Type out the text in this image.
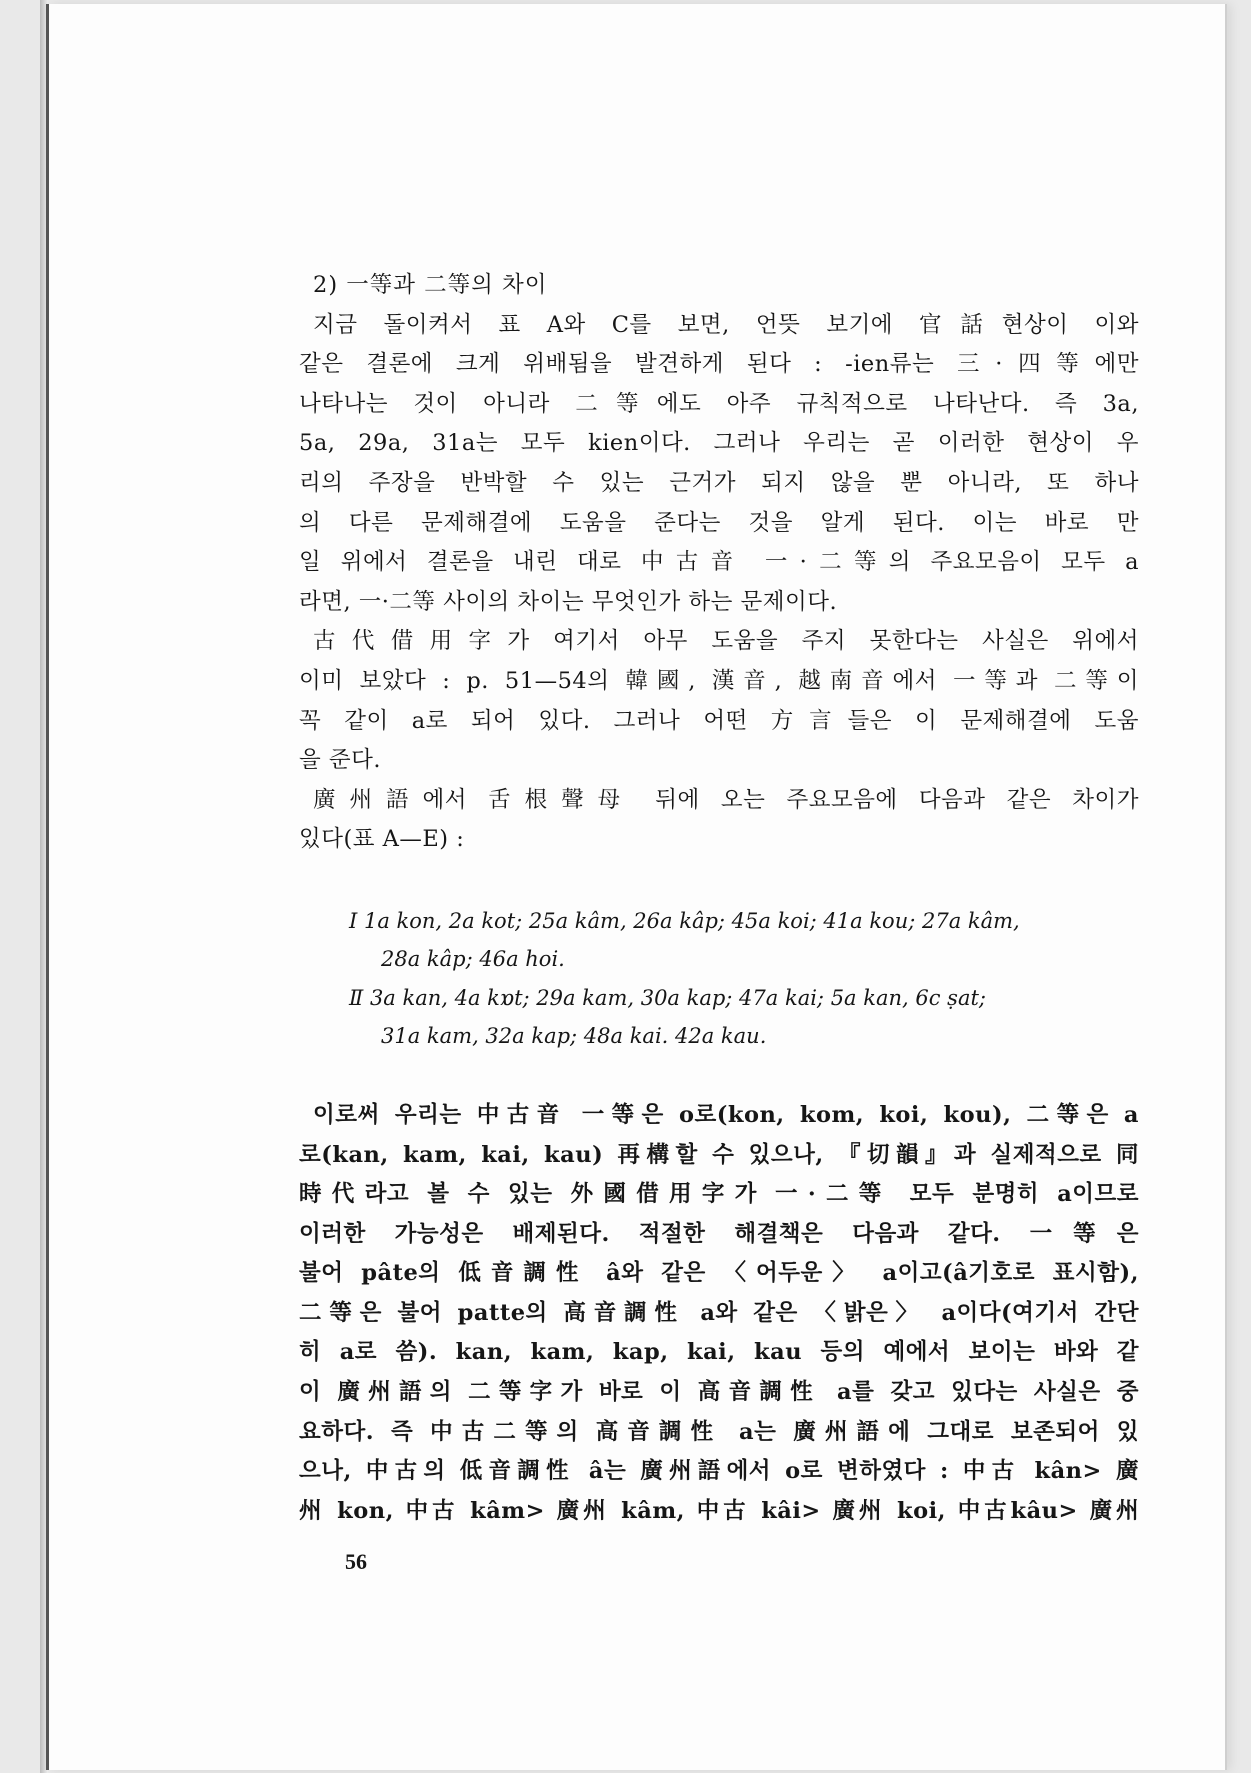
2) 一等과 二等의 차이
지금 돌이켜서 표 A와 C를 보면, 언뜻 보기에 官話현상이 이와
같은 결론에 크게 위배됨을 발견하게 된다 : -ien류는 三·四等에만
나타나는 것이 아니라 二等에도 아주 규칙적으로 나타난다. 즉 3a,
5a, 29a, 31a는 모두 kien이다. 그러나 우리는 곧 이러한 현상이 우
리의 주장을 반박할 수 있는 근거가 되지 않을 뿐 아니라, 또 하나
의 다른 문제해결에 도움을 준다는 것을 알게 된다. 이는 바로 만
일 위에서 결론을 내린 대로 中古音 一·二等의 주요모음이 모두 a
라면, 一·二等 사이의 차이는 무엇인가 하는 문제이다.
古代借用字가 여기서 아무 도움을 주지 못한다는 사실은 위에서
이미 보았다 : p. 51—54의 韓國, 漢音, 越南音에서 一等과 二等이
꼭 같이 a로 되어 있다. 그러나 어떤 方言들은 이 문제해결에 도움
을 준다.
廣州語에서 舌根聲母 뒤에 오는 주요모음에 다음과 같은 차이가
있다(표 A—E) :
Ⅰ 1a kon, 2a kot; 25a kâm, 26a kâp; 45a koi; 41a kou; 27a kâm,
28a kâp; 46a hoi.
Ⅱ 3a kan, 4a kɒt; 29a kam, 30a kap; 47a kai; 5a kan, 6c ṣat;
31a kam, 32a kap; 48a kai. 42a kau.
이로써 우리는 中古音 一等은 o로(kon, kom, koi, kou), 二等은 a
로(kan, kam, kai, kau) 再構할 수 있으나, 『切韻』과 실제적으로 同
時代라고 볼 수 있는 外國借用字가 一·二等 모두 분명히 a이므로
이러한 가능성은 배제된다. 적절한 해결책은 다음과 같다. 一等은
불어 pâte의 低音調性 â와 같은 〈어두운〉 a이고(â기호로 표시함),
二等은 불어 patte의 高音調性 a와 같은 〈밝은〉 a이다(여기서 간단
히 a로 씀). kan, kam, kap, kai, kau 등의 예에서 보이는 바와 같
이 廣州語의 二等字가 바로 이 高音調性 a를 갖고 있다는 사실은 중
요하다. 즉 中古二等의 高音調性 a는 廣州語에 그대로 보존되어 있
으나, 中古의 低音調性 â는 廣州語에서 o로 변하였다 : 中古 kân> 廣
州 kon, 中古 kâm> 廣州 kâm, 中古 kâi> 廣州 koi, 中古kâu> 廣州
56
